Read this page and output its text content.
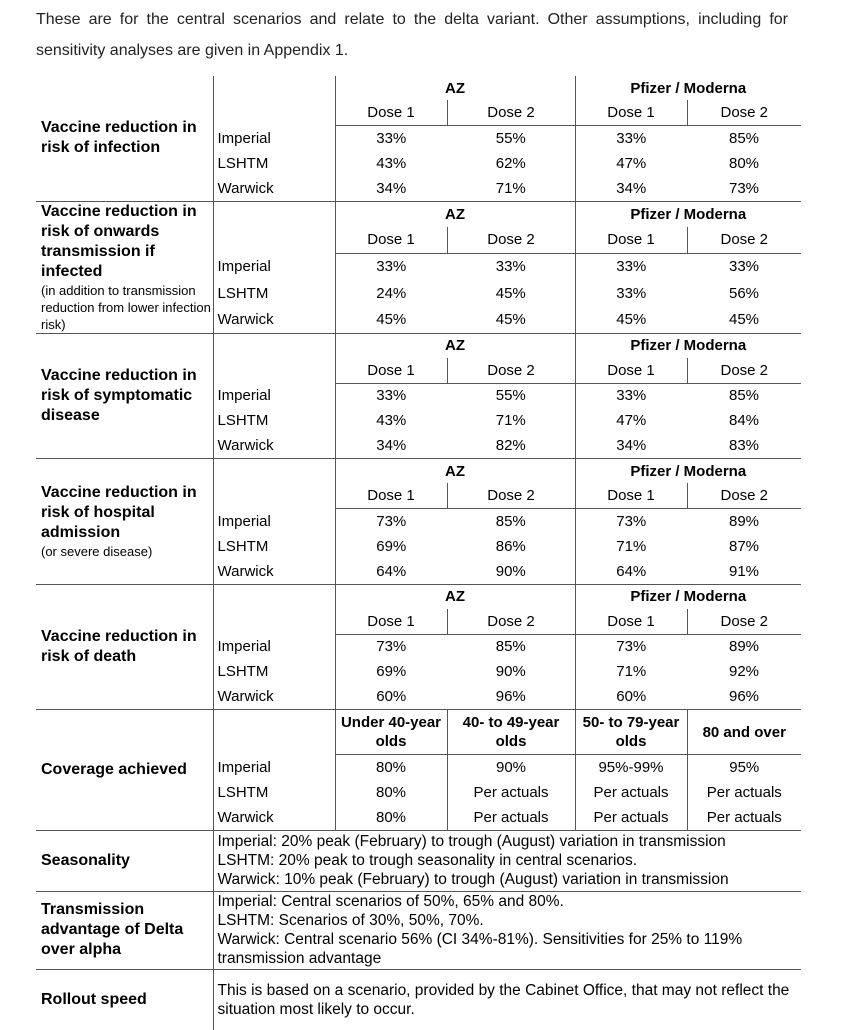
These are for the central scenarios and relate to the delta variant. Other assumptions, including for sensitivity analyses are given in Appendix 1.
Vaccine reduction in risk of infection		AZ		Pfizer / Moderna	
		Dose 1	Dose 2	Dose 1	Dose 2
	Imperial	33%	55%	33%	85%
	LSHTM	43%	62%	47%	80%
	Warwick	34%	71%	34%	73%
Vaccine reduction in risk of onwards transmission if infected
(in addition to transmission reduction from lower infection risk)		AZ		Pfizer / Moderna	
		Dose 1	Dose 2	Dose 1	Dose 2
	Imperial	33%	33%	33%	33%
	LSHTM	24%	45%	33%	56%
	Warwick	45%	45%	45%	45%
Vaccine reduction in risk of symptomatic disease		AZ		Pfizer / Moderna	
		Dose 1	Dose 2	Dose 1	Dose 2
	Imperial	33%	55%	33%	85%
	LSHTM	43%	71%	47%	84%
	Warwick	34%	82%	34%	83%
Vaccine reduction in risk of hospital admission
(or severe disease)		AZ		Pfizer / Moderna	
		Dose 1	Dose 2	Dose 1	Dose 2
	Imperial	73%	85%	73%	89%
	LSHTM	69%	86%	71%	87%
	Warwick	64%	90%	64%	91%
Vaccine reduction in risk of death		AZ		Pfizer / Moderna	
		Dose 1	Dose 2	Dose 1	Dose 2
	Imperial	73%	85%	73%	89%
	LSHTM	69%	90%	71%	92%
	Warwick	60%	96%	60%	96%
Coverage achieved		Under 40-year olds	40- to 49-year olds	50- to 79-year olds	80 and over
	Imperial	80%	90%	95%-99%	95%
	LSHTM	80%	Per actuals	Per actuals	Per actuals
	Warwick	80%	Per actuals	Per actuals	Per actuals
Seasonality	Imperial: 20% peak (February) to trough (August) variation in transmission
LSHTM: 20% peak to trough seasonality in central scenarios.
Warwick: 10% peak (February) to trough (August) variation in transmission				

Transmission advantage of Delta over alpha	Imperial: Central scenarios of 50%, 65% and 80%.
LSHTM: Scenarios of 30%, 50%, 70%.
Warwick: Central scenario 56% (CI 34%-81%). Sensitivities for 25% to 119% transmission advantage				

Rollout speed	This is based on a scenario, provided by the Cabinet Office, that may not reflect the situation most likely to occur.				
